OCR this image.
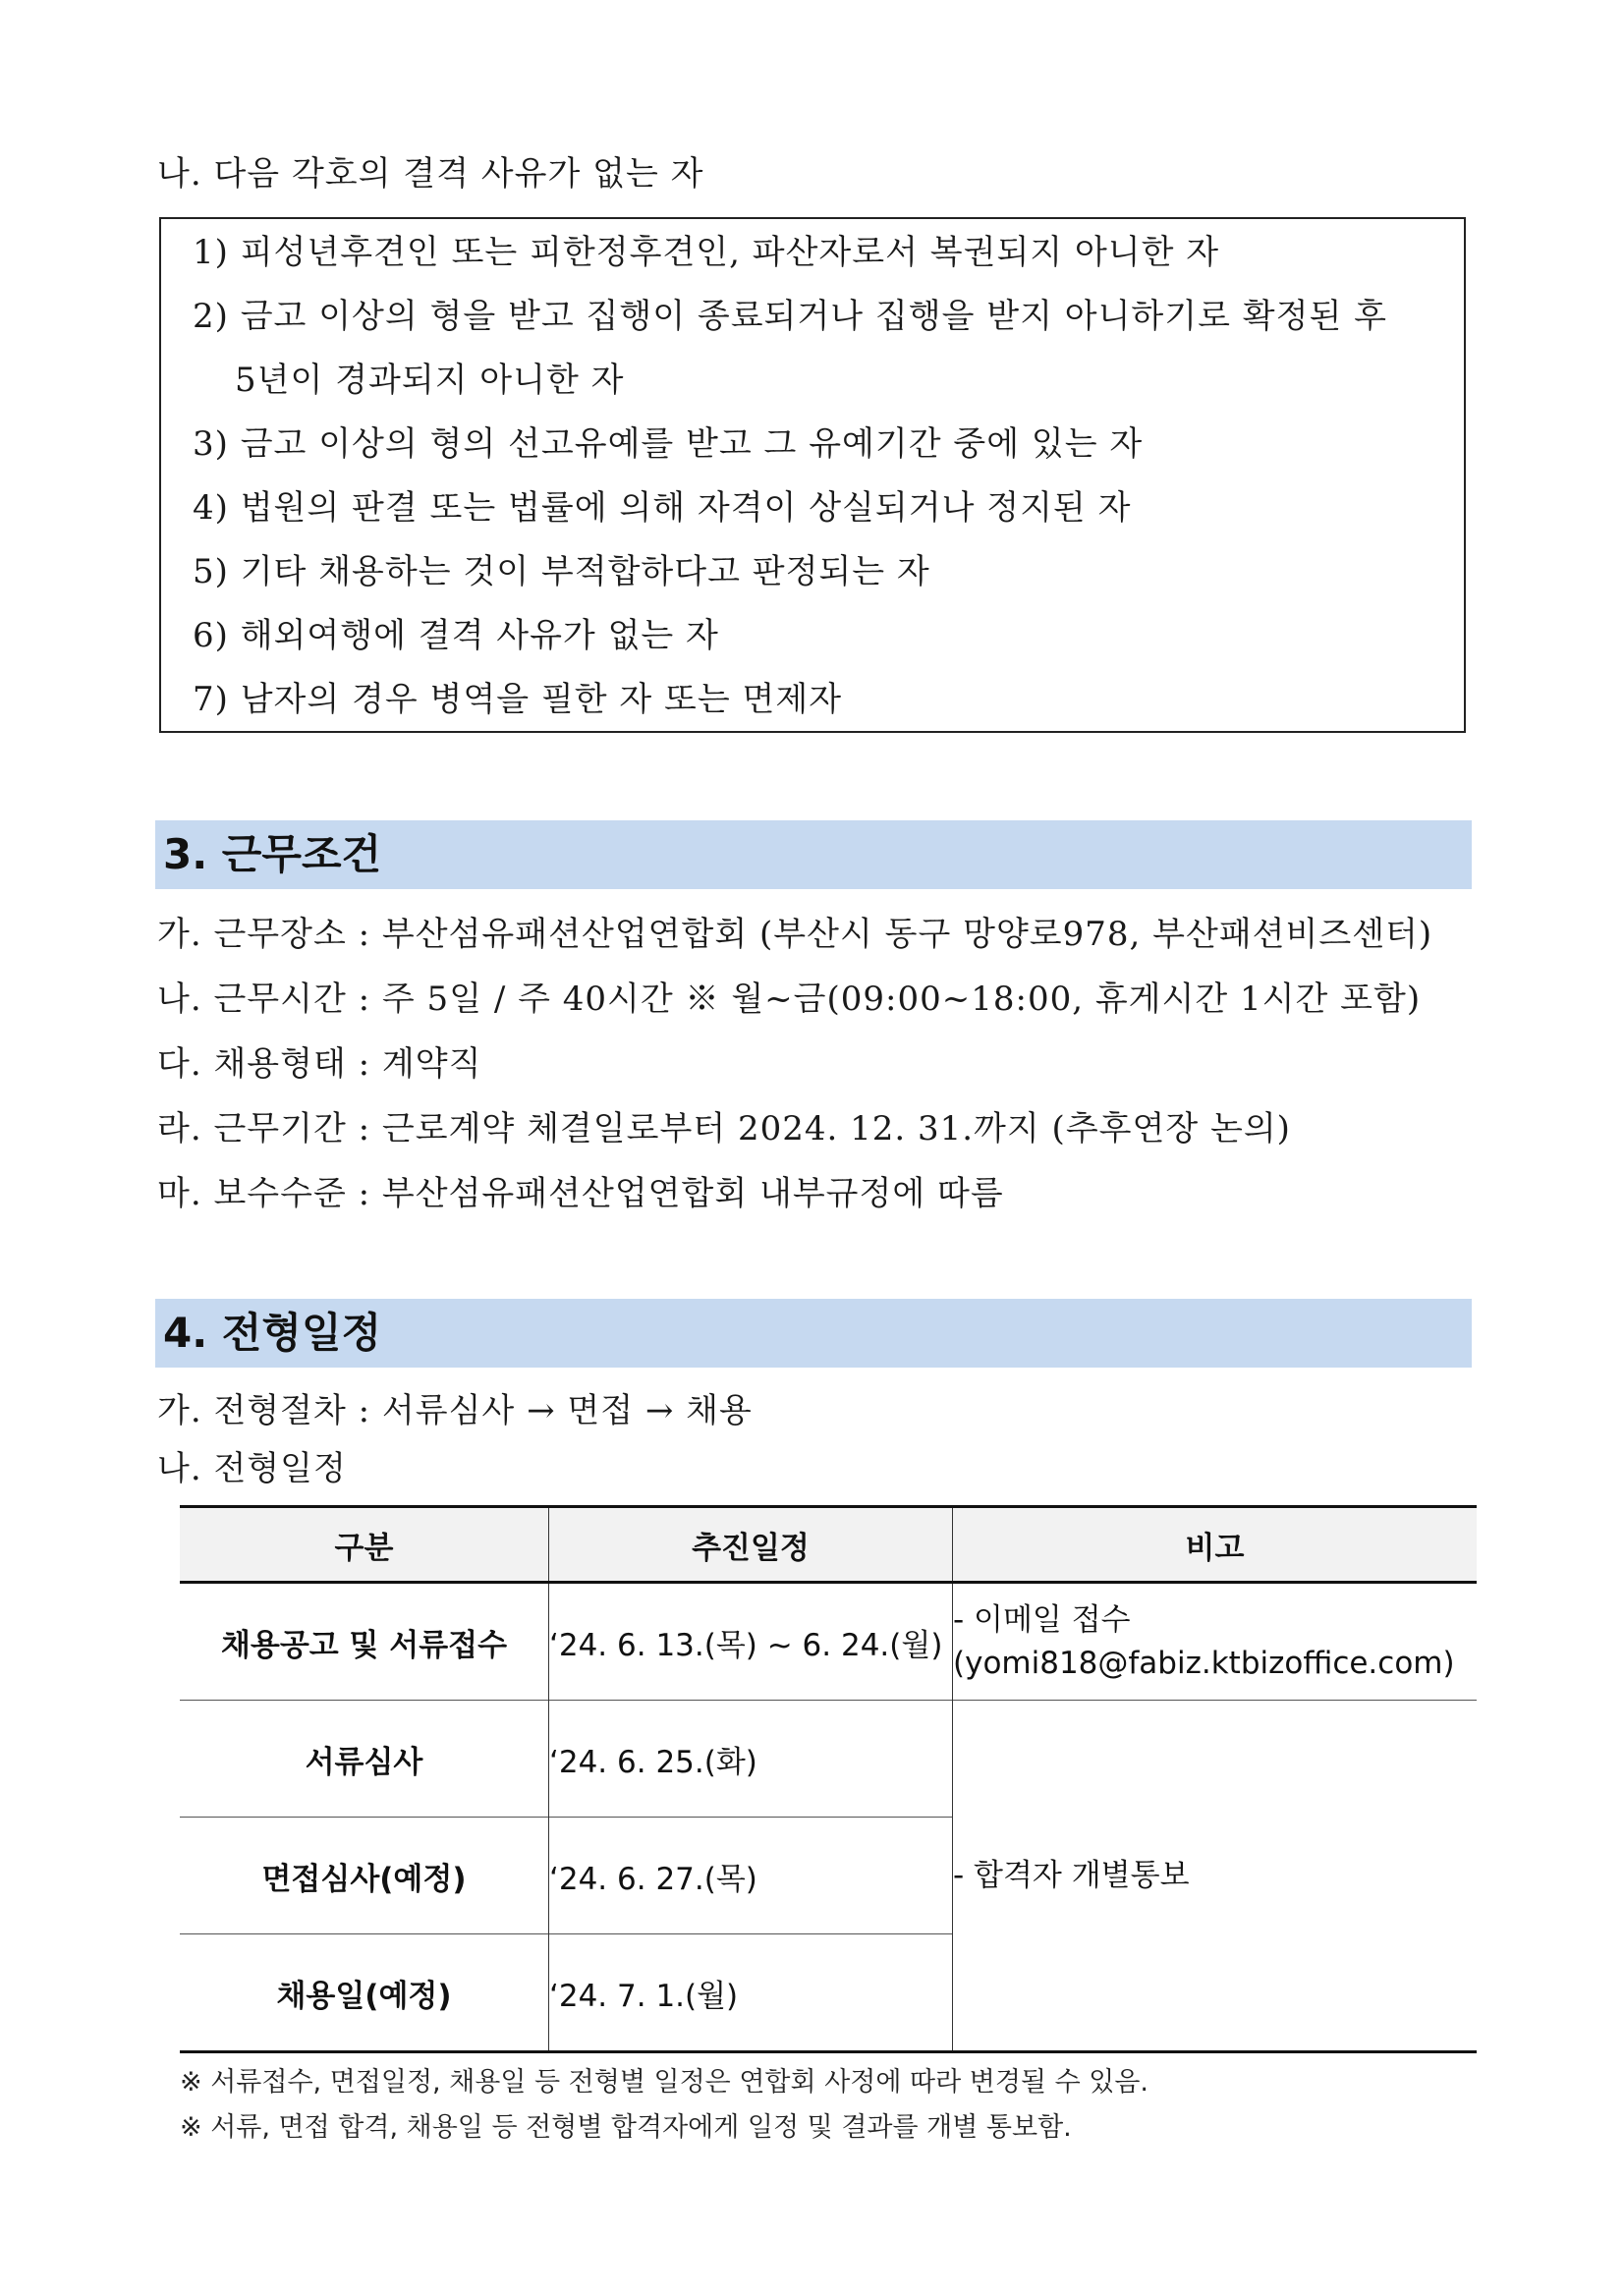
나. 다음 각호의 결격 사유가 없는 자
1) 피성년후견인 또는 피한정후견인, 파산자로서 복권되지 아니한 자
2) 금고 이상의 형을 받고 집행이 종료되거나 집행을 받지 아니하기로 확정된 후
5년이 경과되지 아니한 자
3) 금고 이상의 형의 선고유예를 받고 그 유예기간 중에 있는 자
4) 법원의 판결 또는 법률에 의해 자격이 상실되거나 정지된 자
5) 기타 채용하는 것이 부적합하다고 판정되는 자
6) 해외여행에 결격 사유가 없는 자
7) 남자의 경우 병역을 필한 자 또는 면제자
3. 근무조건
가. 근무장소 : 부산섬유패션산업연합회 (부산시 동구 망양로978, 부산패션비즈센터)
나. 근무시간 : 주 5일 / 주 40시간 ※ 월~금(09:00~18:00, 휴게시간 1시간 포함)
다. 채용형태 : 계약직
라. 근무기간 : 근로계약 체결일로부터 2024. 12. 31.까지 (추후연장 논의)
마. 보수수준 : 부산섬유패션산업연합회 내부규정에 따름
4. 전형일정
가. 전형절차 : 서류심사 → 면접 → 채용
나. 전형일정
구분	추진일정	비고
채용공고 및 서류접수	‘24. 6. 13.(목) ~ 6. 24.(월)	- 이메일 접수
(yomi818@fabiz.ktbizoffice.com)

서류심사	‘24. 6. 25.(화)	- 합격자 개별통보
면접심사(예정)	‘24. 6. 27.(목)	
채용일(예정)	‘24. 7. 1.(월)	
※ 서류접수, 면접일정, 채용일 등 전형별 일정은 연합회 사정에 따라 변경될 수 있음.
※ 서류, 면접 합격, 채용일 등 전형별 합격자에게 일정 및 결과를 개별 통보함.
